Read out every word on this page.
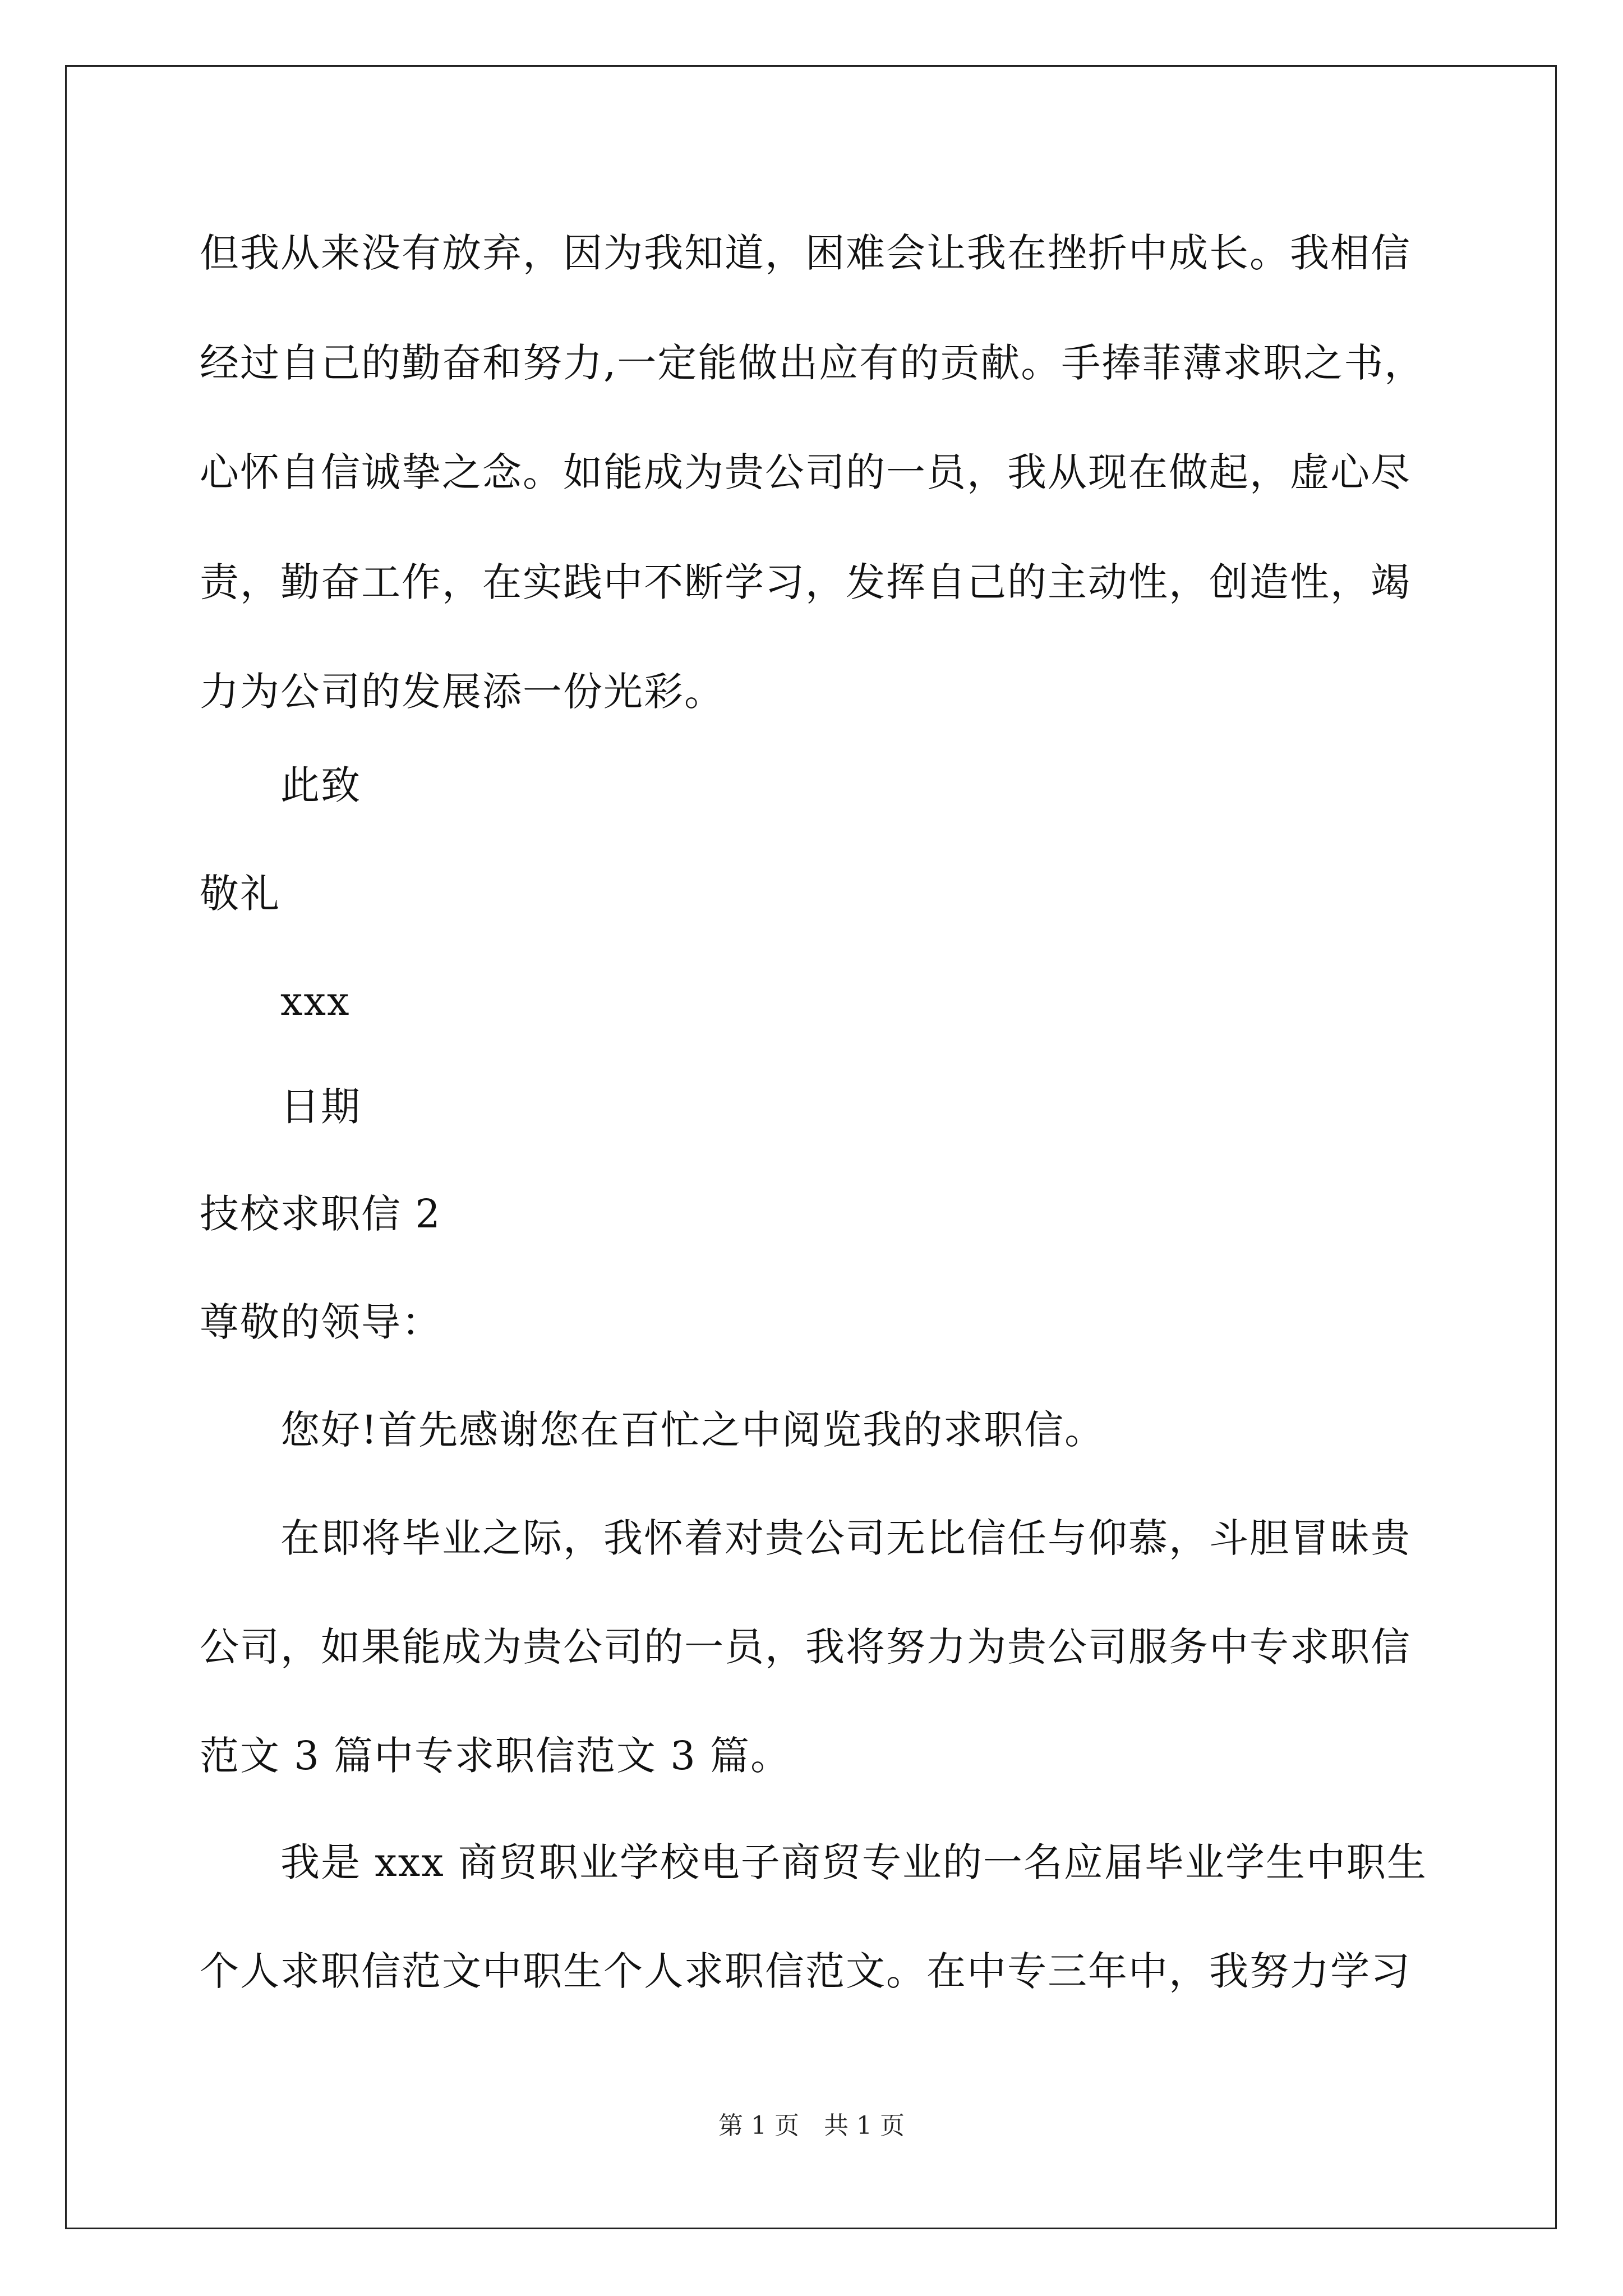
但我从来没有放弃，因为我知道，困难会让我在挫折中成长。我相信
经过自己的勤奋和努力,一定能做出应有的贡献。手捧菲薄求职之书，
心怀自信诚挚之念。如能成为贵公司的一员，我从现在做起，虚心尽
责，勤奋工作，在实践中不断学习，发挥自己的主动性，创造性，竭
力为公司的发展添一份光彩。
此致
敬礼
xxx
日期
技校求职信 2
尊敬的领导：
您好!首先感谢您在百忙之中阅览我的求职信。
在即将毕业之际，我怀着对贵公司无比信任与仰慕，斗胆冒昧贵
公司，如果能成为贵公司的一员，我将努力为贵公司服务中专求职信
范文 3 篇中专求职信范文 3 篇。
我是 xxx 商贸职业学校电子商贸专业的一名应届毕业学生中职生
个人求职信范文中职生个人求职信范文。在中专三年中，我努力学习
第 1 页　共 1 页
